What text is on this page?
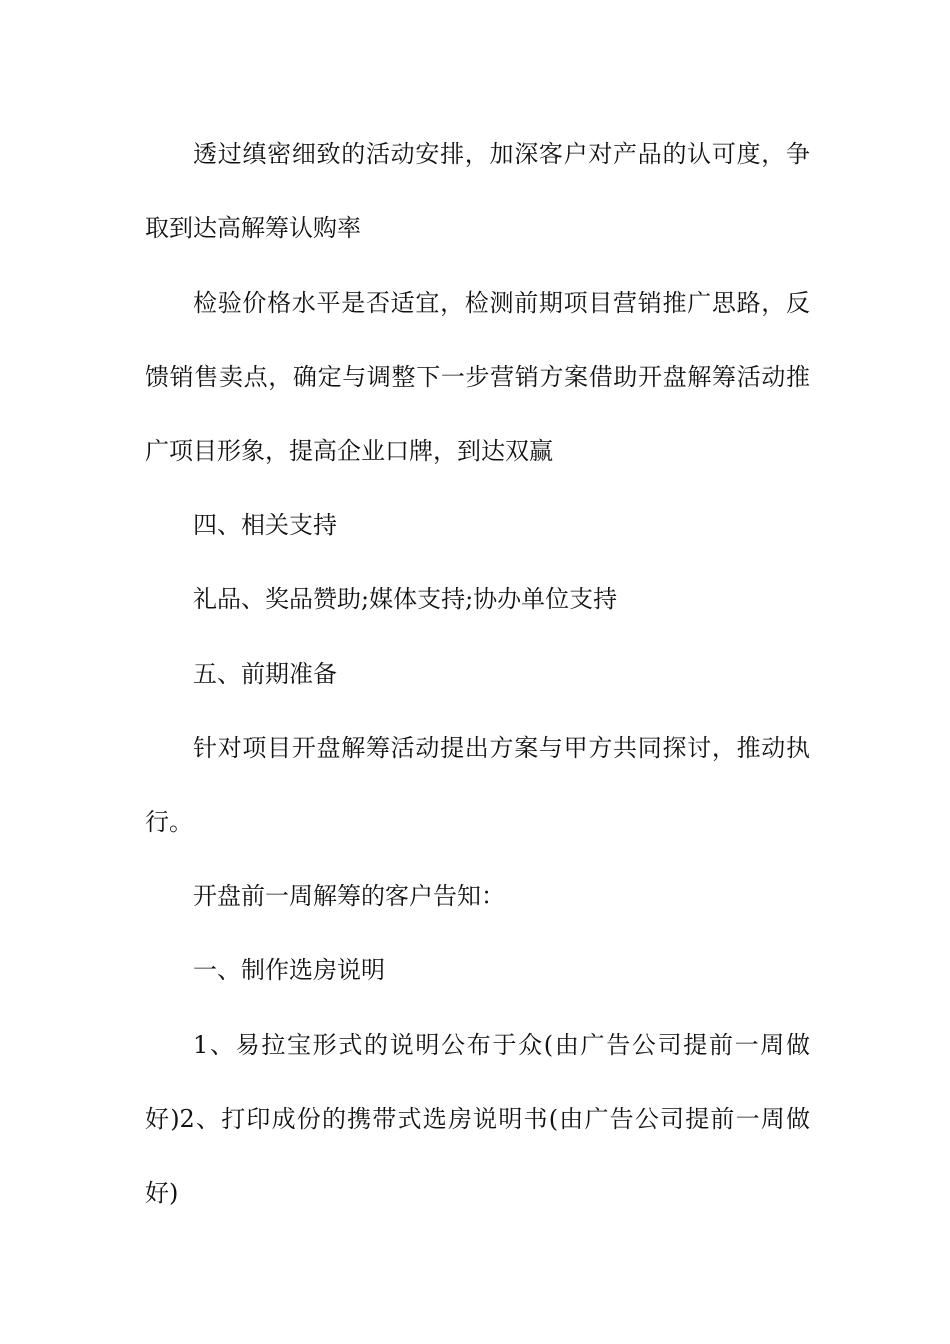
透过缜密细致的活动安排，加深客户对产品的认可度，争
取到达高解筹认购率
检验价格水平是否适宜，检测前期项目营销推广思路，反
馈销售卖点，确定与调整下一步营销方案借助开盘解筹活动推
广项目形象，提高企业口牌，到达双赢
四、相关支持
礼品、奖品赞助;媒体支持;协办单位支持
五、前期准备
针对项目开盘解筹活动提出方案与甲方共同探讨，推动执
行。
开盘前一周解筹的客户告知：
一、制作选房说明
1、易拉宝形式的说明公布于众(由广告公司提前一周做
好)2、打印成份的携带式选房说明书(由广告公司提前一周做
好)
